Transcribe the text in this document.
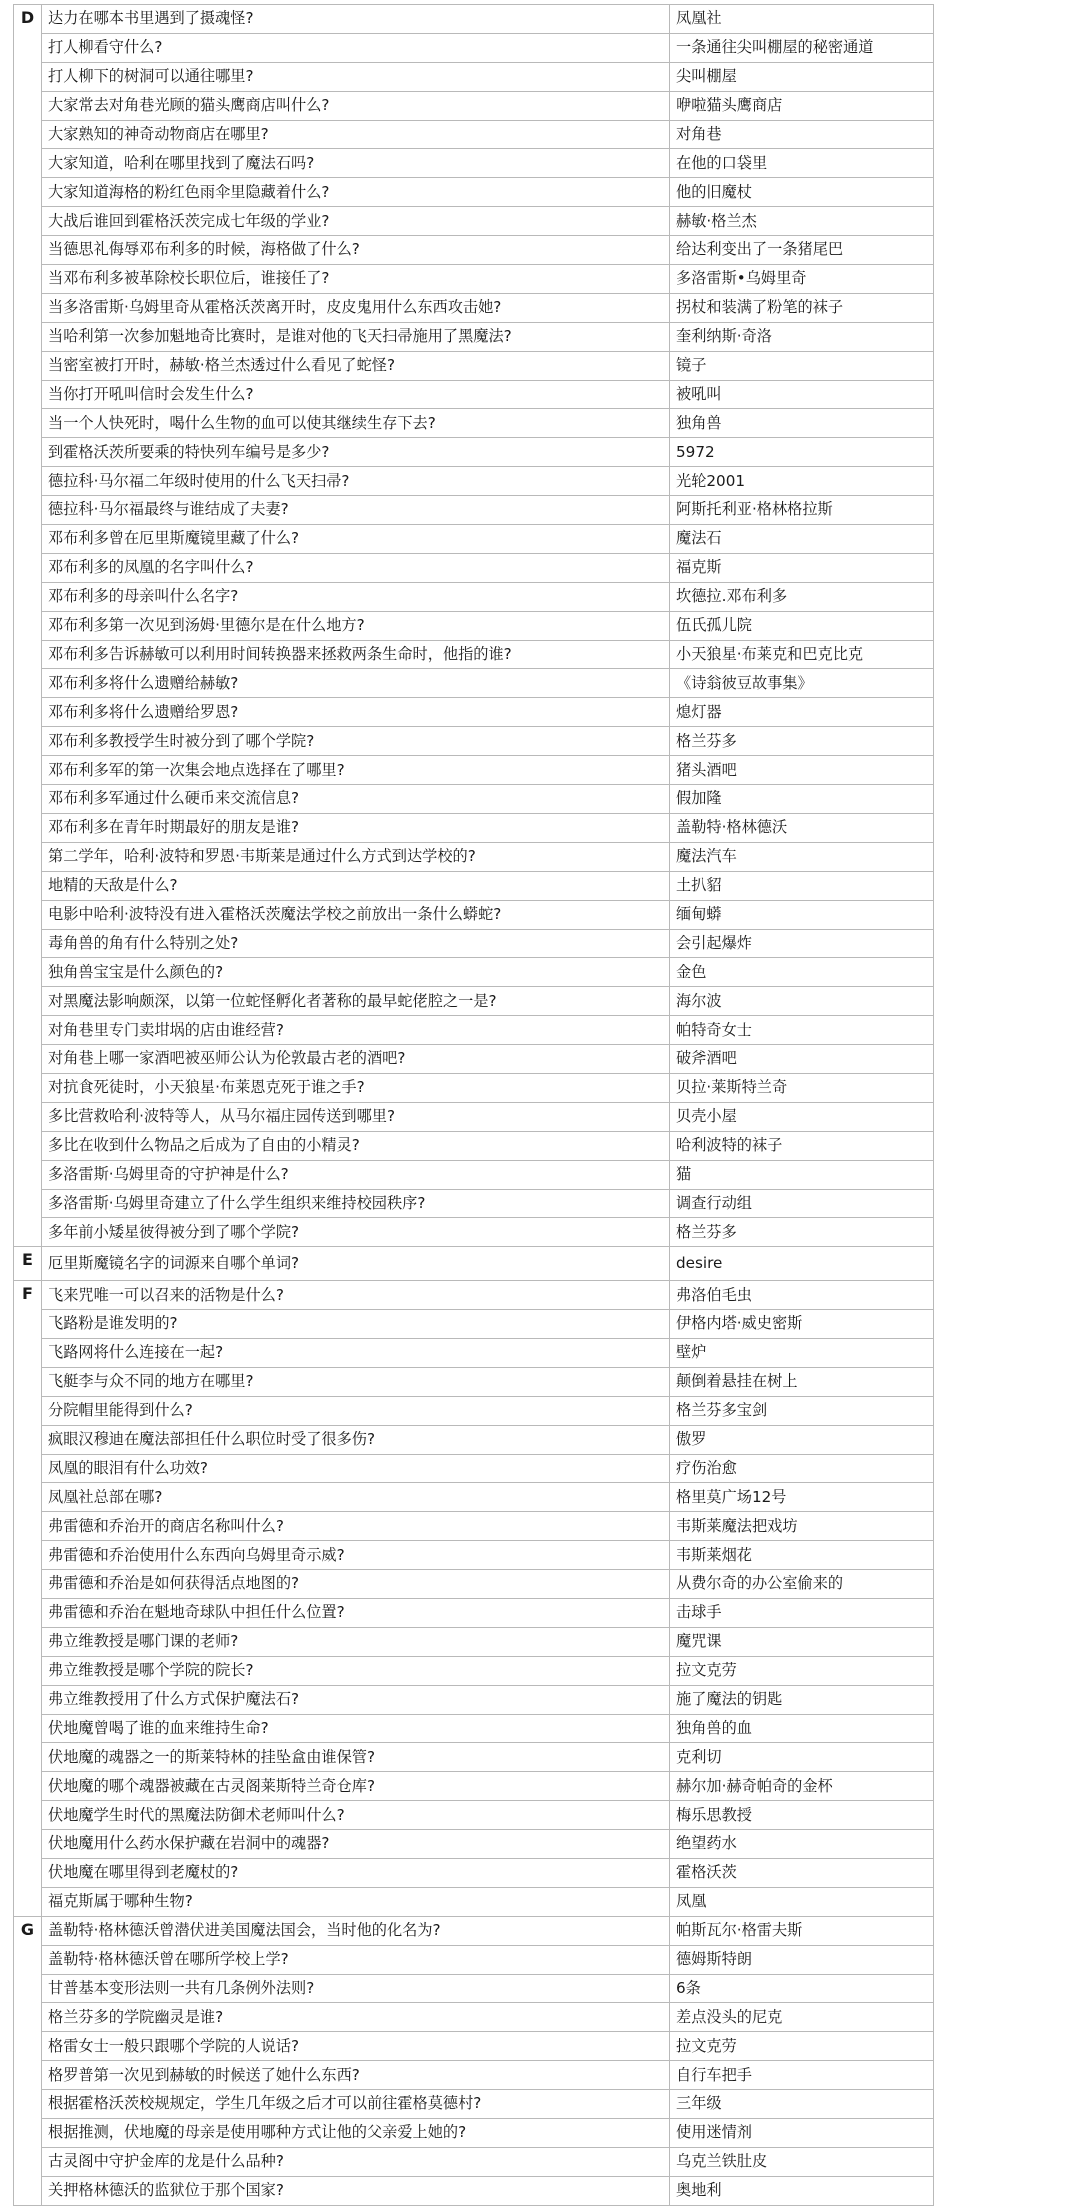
D	达力在哪本书里遇到了摄魂怪?	凤凰社
	打人柳看守什么?	一条通往尖叫棚屋的秘密通道
	打人柳下的树洞可以通往哪里?	尖叫棚屋
	大家常去对角巷光顾的猫头鹰商店叫什么?	咿啦猫头鹰商店
	大家熟知的神奇动物商店在哪里?	对角巷
	大家知道，哈利在哪里找到了魔法石吗?	在他的口袋里
	大家知道海格的粉红色雨伞里隐藏着什么?	他的旧魔杖
	大战后谁回到霍格沃茨完成七年级的学业?	赫敏·格兰杰
	当德思礼侮辱邓布利多的时候，海格做了什么?	给达利变出了一条猪尾巴
	当邓布利多被革除校长职位后，谁接任了?	多洛雷斯•乌姆里奇
	当多洛雷斯·乌姆里奇从霍格沃茨离开时，皮皮鬼用什么东西攻击她?	拐杖和装满了粉笔的袜子
	当哈利第一次参加魁地奇比赛时，是谁对他的飞天扫帚施用了黑魔法?	奎利纳斯·奇洛
	当密室被打开时，赫敏·格兰杰透过什么看见了蛇怪?	镜子
	当你打开吼叫信时会发生什么?	被吼叫
	当一个人快死时，喝什么生物的血可以使其继续生存下去?	独角兽
	到霍格沃茨所要乘的特快列车编号是多少?	5972
	德拉科·马尔福二年级时使用的什么飞天扫帚?	光轮2001
	德拉科·马尔福最终与谁结成了夫妻?	阿斯托利亚·格林格拉斯
	邓布利多曾在厄里斯魔镜里藏了什么?	魔法石
	邓布利多的凤凰的名字叫什么?	福克斯
	邓布利多的母亲叫什么名字?	坎德拉.邓布利多
	邓布利多第一次见到汤姆·里德尔是在什么地方?	伍氏孤儿院
	邓布利多告诉赫敏可以利用时间转换器来拯救两条生命时，他指的谁?	小天狼星·布莱克和巴克比克
	邓布利多将什么遗赠给赫敏?	《诗翁彼豆故事集》
	邓布利多将什么遗赠给罗恩?	熄灯器
	邓布利多教授学生时被分到了哪个学院?	格兰芬多
	邓布利多军的第一次集会地点选择在了哪里?	猪头酒吧
	邓布利多军通过什么硬币来交流信息?	假加隆
	邓布利多在青年时期最好的朋友是谁?	盖勒特·格林德沃
	第二学年，哈利·波特和罗恩·韦斯莱是通过什么方式到达学校的?	魔法汽车
	地精的天敌是什么?	土扒貂
	电影中哈利·波特没有进入霍格沃茨魔法学校之前放出一条什么蟒蛇?	缅甸蟒
	毒角兽的角有什么特别之处?	会引起爆炸
	独角兽宝宝是什么颜色的?	金色
	对黑魔法影响颇深，以第一位蛇怪孵化者著称的最早蛇佬腔之一是?	海尔波
	对角巷里专门卖坩埚的店由谁经营?	帕特奇女士
	对角巷上哪一家酒吧被巫师公认为伦敦最古老的酒吧?	破斧酒吧
	对抗食死徒时，小天狼星·布莱恩克死于谁之手?	贝拉·莱斯特兰奇
	多比营救哈利·波特等人，从马尔福庄园传送到哪里?	贝壳小屋
	多比在收到什么物品之后成为了自由的小精灵?	哈利波特的袜子
	多洛雷斯·乌姆里奇的守护神是什么?	猫
	多洛雷斯·乌姆里奇建立了什么学生组织来维持校园秩序?	调查行动组
	多年前小矮星彼得被分到了哪个学院?	格兰芬多
E	厄里斯魔镜名字的词源来自哪个单词?	desire
F	飞来咒唯一可以召来的活物是什么?	弗洛伯毛虫
	飞路粉是谁发明的?	伊格内塔·威史密斯
	飞路网将什么连接在一起?	壁炉
	飞艇李与众不同的地方在哪里?	颠倒着悬挂在树上
	分院帽里能得到什么?	格兰芬多宝剑
	疯眼汉穆迪在魔法部担任什么职位时受了很多伤?	傲罗
	凤凰的眼泪有什么功效?	疗伤治愈
	凤凰社总部在哪?	格里莫广场12号
	弗雷德和乔治开的商店名称叫什么?	韦斯莱魔法把戏坊
	弗雷德和乔治使用什么东西向乌姆里奇示威?	韦斯莱烟花
	弗雷德和乔治是如何获得活点地图的?	从费尔奇的办公室偷来的
	弗雷德和乔治在魁地奇球队中担任什么位置?	击球手
	弗立维教授是哪门课的老师?	魔咒课
	弗立维教授是哪个学院的院长?	拉文克劳
	弗立维教授用了什么方式保护魔法石?	施了魔法的钥匙
	伏地魔曾喝了谁的血来维持生命?	独角兽的血
	伏地魔的魂器之一的斯莱特林的挂坠盒由谁保管?	克利切
	伏地魔的哪个魂器被藏在古灵阁莱斯特兰奇仓库?	赫尔加·赫奇帕奇的金杯
	伏地魔学生时代的黑魔法防御术老师叫什么?	梅乐思教授
	伏地魔用什么药水保护藏在岩洞中的魂器?	绝望药水
	伏地魔在哪里得到老魔杖的?	霍格沃茨
	福克斯属于哪种生物?	凤凰
G	盖勒特·格林德沃曾潜伏进美国魔法国会，当时他的化名为?	帕斯瓦尔·格雷夫斯
	盖勒特·格林德沃曾在哪所学校上学?	德姆斯特朗
	甘普基本变形法则一共有几条例外法则?	6条
	格兰芬多的学院幽灵是谁?	差点没头的尼克
	格雷女士一般只跟哪个学院的人说话?	拉文克劳
	格罗普第一次见到赫敏的时候送了她什么东西?	自行车把手
	根据霍格沃茨校规规定，学生几年级之后才可以前往霍格莫德村?	三年级
	根据推测，伏地魔的母亲是使用哪种方式让他的父亲爱上她的?	使用迷情剂
	古灵阁中守护金库的龙是什么品种?	乌克兰铁肚皮
	关押格林德沃的监狱位于那个国家?	奥地利
